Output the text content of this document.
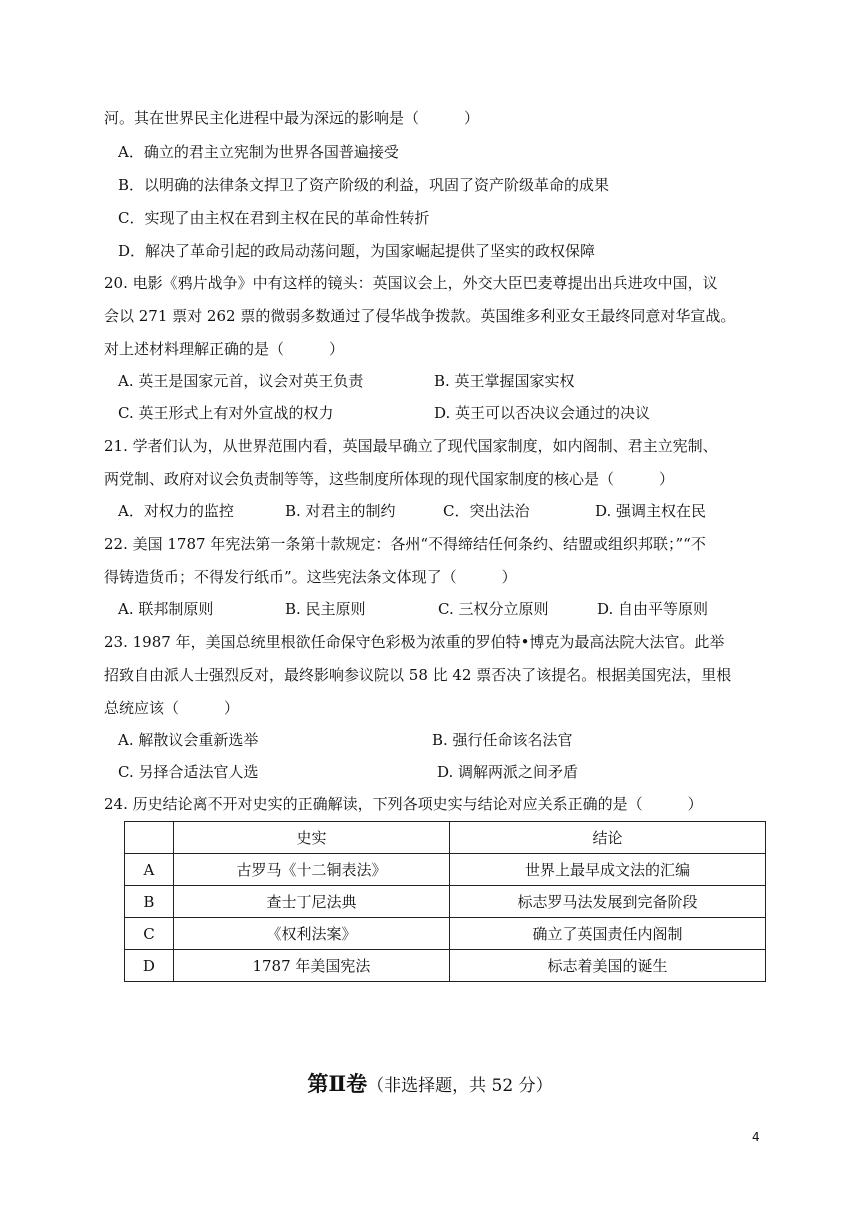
河。其在世界民主化进程中最为深远的影响是（　　　）
A．确立的君主立宪制为世界各国普遍接受
B．以明确的法律条文捍卫了资产阶级的利益，巩固了资产阶级革命的成果
C．实现了由主权在君到主权在民的革命性转折
D．解决了革命引起的政局动荡问题，为国家崛起提供了坚实的政权保障
20. 电影《鸦片战争》中有这样的镜头：英国议会上，外交大臣巴麦尊提出出兵进攻中国，议
会以 271 票对 262 票的微弱多数通过了侵华战争拨款。英国维多利亚女王最终同意对华宣战。
对上述材料理解正确的是（　　　）
A. 英王是国家元首，议会对英王负责	B. 英王掌握国家实权
C. 英王形式上有对外宣战的权力	D. 英王可以否决议会通过的决议
21. 学者们认为，从世界范围内看，英国最早确立了现代国家制度，如内阁制、君主立宪制、
两党制、政府对议会负责制等等，这些制度所体现的现代国家制度的核心是（　　　）
A．对权力的监控	B. 对君主的制约	C．突出法治	D. 强调主权在民
22. 美国 1787 年宪法第一条第十款规定：各州“不得缔结任何条约、结盟或组织邦联；”“不
得铸造货币；不得发行纸币”。这些宪法条文体现了（　　　）
A. 联邦制原则	B. 民主原则	C. 三权分立原则	D. 自由平等原则
23. 1987 年，美国总统里根欲任命保守色彩极为浓重的罗伯特•博克为最高法院大法官。此举
招致自由派人士强烈反对，最终影响参议院以 58 比 42 票否决了该提名。根据美国宪法，里根
总统应该（　　　）
A. 解散议会重新选举	B. 强行任命该名法官
C. 另择合适法官人选	D. 调解两派之间矛盾
24. 历史结论离不开对史实的正确解读，下列各项史实与结论对应关系正确的是（　　　）
	史实	结论
A	古罗马《十二铜表法》	世界上最早成文法的汇编
B	查士丁尼法典	标志罗马法发展到完备阶段
C	《权利法案》	确立了英国责任内阁制
D	1787 年美国宪法	标志着美国的诞生
第Ⅱ卷（非选择题，共 52 分）
4
